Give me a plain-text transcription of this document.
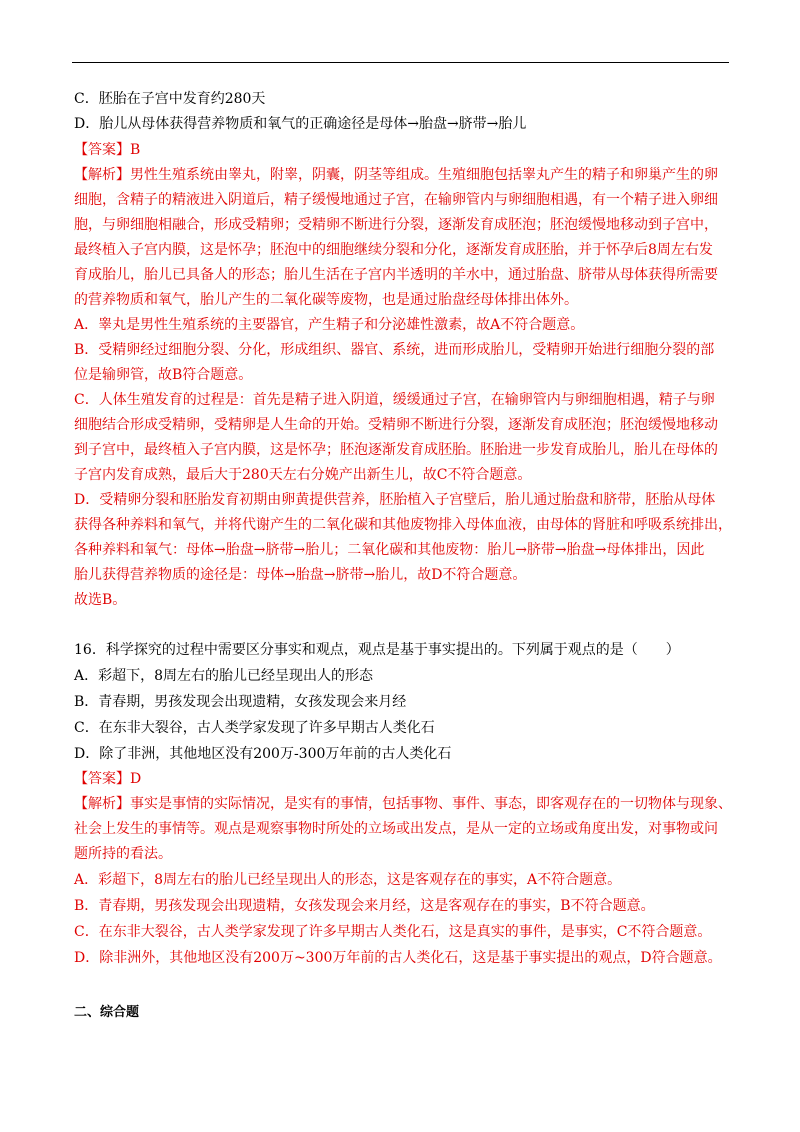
C．胚胎在子宫中发育约280天
D．胎儿从母体获得营养物质和氧气的正确途径是母体→胎盘→脐带→胎儿
【答案】B
【解析】男性生殖系统由睾丸，附睾，阴囊，阴茎等组成。生殖细胞包括睾丸产生的精子和卵巢产生的卵
细胞，含精子的精液进入阴道后，精子缓慢地通过子宫，在输卵管内与卵细胞相遇，有一个精子进入卵细
胞，与卵细胞相融合，形成受精卵；受精卵不断进行分裂，逐渐发育成胚泡；胚泡缓慢地移动到子宫中，
最终植入子宫内膜，这是怀孕；胚泡中的细胞继续分裂和分化，逐渐发育成胚胎，并于怀孕后8周左右发
育成胎儿，胎儿已具备人的形态；胎儿生活在子宫内半透明的羊水中，通过胎盘、脐带从母体获得所需要
的营养物质和氧气，胎儿产生的二氧化碳等废物，也是通过胎盘经母体排出体外。
A．睾丸是男性生殖系统的主要器官，产生精子和分泌雄性激素，故A不符合题意。
B．受精卵经过细胞分裂、分化，形成组织、器官、系统，进而形成胎儿，受精卵开始进行细胞分裂的部
位是输卵管，故B符合题意。
C．人体生殖发育的过程是：首先是精子进入阴道，缓缓通过子宫，在输卵管内与卵细胞相遇，精子与卵
细胞结合形成受精卵，受精卵是人生命的开始。受精卵不断进行分裂，逐渐发育成胚泡；胚泡缓慢地移动
到子宫中，最终植入子宫内膜，这是怀孕；胚泡逐渐发育成胚胎。胚胎进一步发育成胎儿，胎儿在母体的
子宫内发育成熟，最后大于280天左右分娩产出新生儿，故C不符合题意。
D．受精卵分裂和胚胎发育初期由卵黄提供营养，胚胎植入子宫壁后，胎儿通过胎盘和脐带，胚胎从母体
获得各种养料和氧气，并将代谢产生的二氧化碳和其他废物排入母体血液，由母体的肾脏和呼吸系统排出，
各种养料和氧气：母体→胎盘→脐带→胎儿；二氧化碳和其他废物：胎儿→脐带→胎盘→母体排出，因此
胎儿获得营养物质的途径是：母体→胎盘→脐带→胎儿，故D不符合题意。
故选B。
16．科学探究的过程中需要区分事实和观点，观点是基于事实提出的。下列属于观点的是（　　）
A．彩超下，8周左右的胎儿已经呈现出人的形态
B．青春期，男孩发现会出现遗精，女孩发现会来月经
C．在东非大裂谷，古人类学家发现了许多早期古人类化石
D．除了非洲，其他地区没有200万-300万年前的古人类化石
【答案】D
【解析】事实是事情的实际情况，是实有的事情，包括事物、事件、事态，即客观存在的一切物体与现象、
社会上发生的事情等。观点是观察事物时所处的立场或出发点，是从一定的立场或角度出发，对事物或问
题所持的看法。
A．彩超下，8周左右的胎儿已经呈现出人的形态，这是客观存在的事实，A不符合题意。
B．青春期，男孩发现会出现遗精，女孩发现会来月经，这是客观存在的事实，B不符合题意。
C．在东非大裂谷，古人类学家发现了许多早期古人类化石，这是真实的事件，是事实，C不符合题意。
D．除非洲外，其他地区没有200万~300万年前的古人类化石，这是基于事实提出的观点，D符合题意。
二、综合题
